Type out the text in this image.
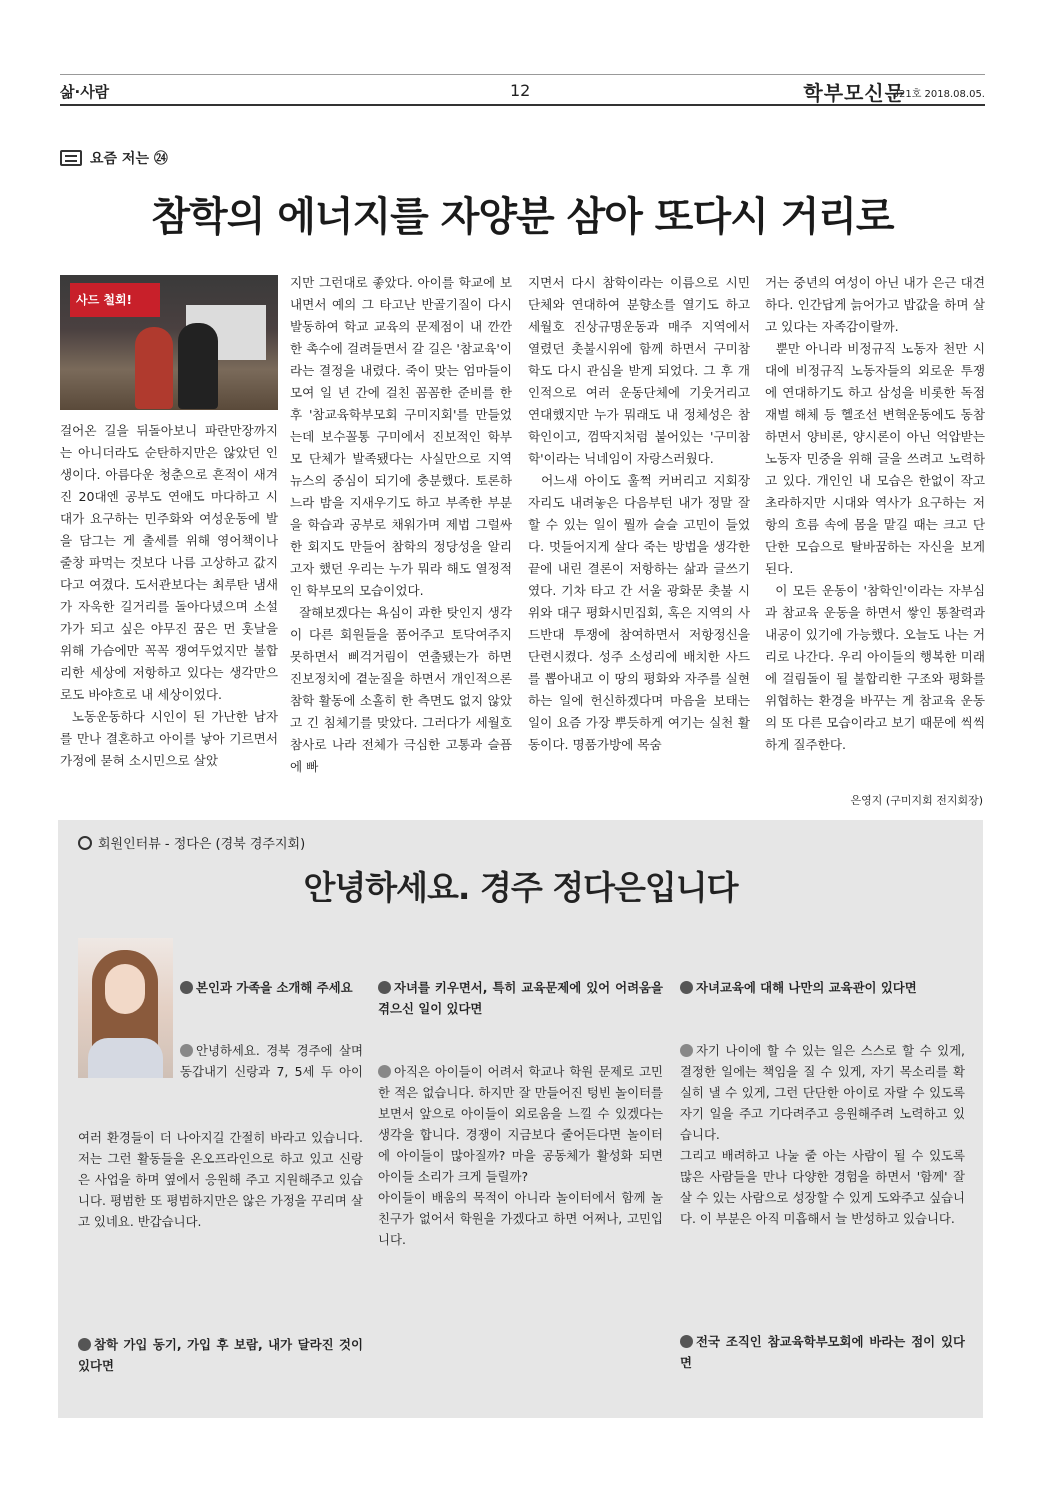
삶·사람	12	학부모신문
321호 2018.08.05.
요즘 저는 ㉔
참학의 에너지를 자양분 삼아 또다시 거리로
사드 철회!
걸어온 길을 뒤돌아보니 파란만장까지는 아니더라도 순탄하지만은 않았던 인생이다. 아름다운 청춘으로 흔적이 새겨진 20대엔 공부도 연애도 마다하고 시대가 요구하는 민주화와 여성운동에 발을 담그는 게 출세를 위해 영어책이나 줄창 파먹는 것보다 나름 고상하고 값지다고 여겼다. 도서관보다는 최루탄 냄새가 자욱한 길거리를 돌아다녔으며 소설가가 되고 싶은 야무진 꿈은 먼 훗날을 위해 가슴에만 꼭꼭 쟁여두었지만 불합리한 세상에 저항하고 있다는 생각만으로도 바야흐로 내 세상이었다.
노동운동하다 시인이 된 가난한 남자를 만나 결혼하고 아이를 낳아 기르면서 가정에 묻혀 소시민으로 살았
지만 그런대로 좋았다. 아이를 학교에 보내면서 예의 그 타고난 반골기질이 다시 발동하여 학교 교육의 문제점이 내 깐깐한 촉수에 걸려들면서 갈 길은 '참교육'이라는 결정을 내렸다. 죽이 맞는 엄마들이 모여 일 년 간에 걸친 꼼꼼한 준비를 한 후 '참교육학부모회 구미지회'를 만들었는데 보수꼴통 구미에서 진보적인 학부모 단체가 발족됐다는 사실만으로 지역 뉴스의 중심이 되기에 충분했다. 토론하느라 밤을 지새우기도 하고 부족한 부분을 학습과 공부로 채워가며 제법 그럴싸한 회지도 만들어 참학의 정당성을 알리고자 했던 우리는 누가 뭐라 해도 열정적인 학부모의 모습이었다.
잘해보겠다는 욕심이 과한 탓인지 생각이 다른 회원들을 품어주고 토닥여주지 못하면서 삐걱거림이 연출됐는가 하면 진보정치에 곁눈질을 하면서 개인적으론 참학 활동에 소홀히 한 측면도 없지 않았고 긴 침체기를 맞았다. 그러다가 세월호 참사로 나라 전체가 극심한 고통과 슬픔에 빠
지면서 다시 참학이라는 이름으로 시민단체와 연대하여 분향소를 열기도 하고 세월호 진상규명운동과 매주 지역에서 열렸던 촛불시위에 함께 하면서 구미참학도 다시 관심을 받게 되었다. 그 후 개인적으로 여러 운동단체에 기웃거리고 연대했지만 누가 뭐래도 내 정체성은 참학인이고, 껌딱지처럼 붙어있는 '구미참학'이라는 닉네임이 자랑스러웠다.
어느새 아이도 훌쩍 커버리고 지회장 자리도 내려놓은 다음부턴 내가 정말 잘 할 수 있는 일이 뭘까 슬슬 고민이 들었다. 멋들어지게 살다 죽는 방법을 생각한 끝에 내린 결론이 저항하는 삶과 글쓰기였다. 기차 타고 간 서울 광화문 촛불 시위와 대구 평화시민집회, 혹은 지역의 사드반대 투쟁에 참여하면서 저항정신을 단련시켰다. 성주 소성리에 배치한 사드를 뽑아내고 이 땅의 평화와 자주를 실현하는 일에 헌신하겠다며 마음을 보태는 일이 요즘 가장 뿌듯하게 여기는 실천 활동이다. 명품가방에 목숨
거는 중년의 여성이 아닌 내가 은근 대견하다. 인간답게 늙어가고 밥값을 하며 살고 있다는 자족감이랄까.
뿐만 아니라 비정규직 노동자 천만 시대에 비정규직 노동자들의 외로운 투쟁에 연대하기도 하고 삼성을 비롯한 독점재벌 해체 등 헬조선 변혁운동에도 동참하면서 양비론, 양시론이 아닌 억압받는 노동자 민중을 위해 글을 쓰려고 노력하고 있다. 개인인 내 모습은 한없이 작고 초라하지만 시대와 역사가 요구하는 저항의 흐름 속에 몸을 맡길 때는 크고 단단한 모습으로 탈바꿈하는 자신을 보게 된다.
이 모든 운동이 '참학인'이라는 자부심과 참교육 운동을 하면서 쌓인 통찰력과 내공이 있기에 가능했다. 오늘도 나는 거리로 나간다. 우리 아이들의 행복한 미래에 걸림돌이 될 불합리한 구조와 평화를 위협하는 환경을 바꾸는 게 참교육 운동의 또 다른 모습이라고 보기 때문에 씩씩하게 질주한다.
은영지 (구미지회 전지회장)
회원인터뷰 - 정다은 (경북 경주지회)
안녕하세요. 경주 정다은입니다

본인과 가족을 소개해 주세요

안녕하세요. 경북 경주에 살며 동갑내기 신랑과 7, 5세 두 아이

여러 환경들이 더 나아지길 간절히 바라고 있습니다. 저는 그런 활동들을 온오프라인으로 하고 있고 신랑은 사업을 하며 옆에서 응원해 주고 지원해주고 있습니다. 평범한 또 평범하지만은 않은 가정을 꾸리며 살고 있네요. 반갑습니다.

참학 가입 동기, 가입 후 보람, 내가 달라진 것이 있다면

자녀를 키우면서, 특히 교육문제에 있어 어려움을 겪으신 일이 있다면

아직은 아이들이 어려서 학교나 학원 문제로 고민한 적은 없습니다. 하지만 잘 만들어진 텅빈 놀이터를 보면서 앞으로 아이들이 외로움을 느낄 수 있겠다는 생각을 합니다. 경쟁이 지금보다 줄어든다면 놀이터에 아이들이 많아질까? 마을 공동체가 활성화 되면 아이들 소리가 크게 들릴까?
아이들이 배움의 목적이 아니라 놀이터에서 함께 놀 친구가 없어서 학원을 가겠다고 하면 어쩌나, 고민입니다.

자녀교육에 대해 나만의 교육관이 있다면

자기 나이에 할 수 있는 일은 스스로 할 수 있게, 결정한 일에는 책임을 질 수 있게, 자기 목소리를 확실히 낼 수 있게, 그런 단단한 아이로 자랄 수 있도록 자기 일을 주고 기다려주고 응원해주려 노력하고 있습니다.
그리고 배려하고 나눌 줄 아는 사람이 될 수 있도록 많은 사람들을 만나 다양한 경험을 하면서 '함께' 잘 살 수 있는 사람으로 성장할 수 있게 도와주고 싶습니다. 이 부분은 아직 미흡해서 늘 반성하고 있습니다.

전국 조직인 참교육학부모회에 바라는 점이 있다면
